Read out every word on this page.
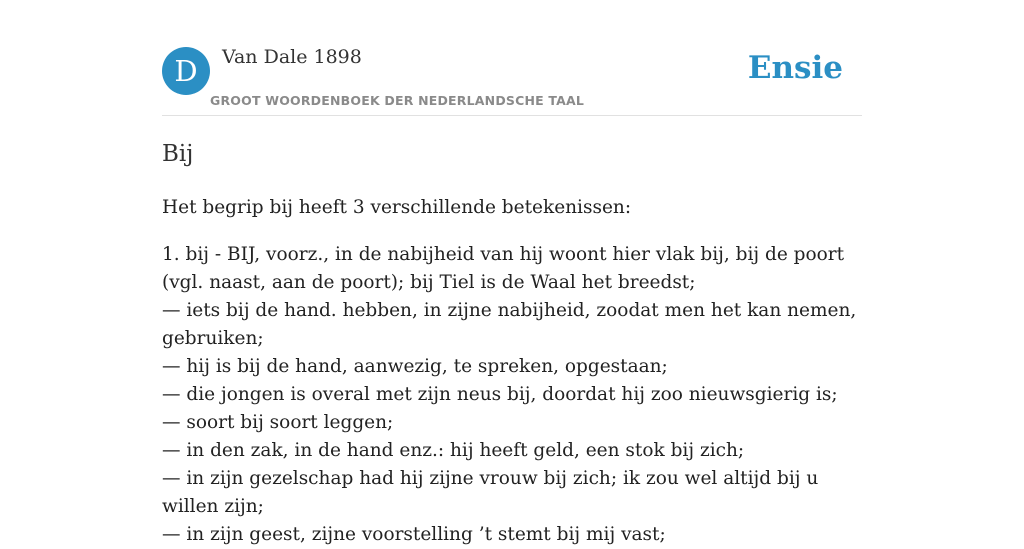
D	Van Dale 1898
GROOT WOORDENBOEK DER NEDERLANDSCHE TAAL
Ensie
Bij

Het begrip bij heeft 3 verschillende betekenissen:

1. bij - BIJ, voorz., in de nabijheid van hij woont hier vlak bij, bij de poort (vgl. naast, aan de poort); bij Tiel is de Waal het breedst;
— iets bij de hand. hebben, in zijne nabijheid, zoodat men het kan nemen, gebruiken;
— hij is bij de hand, aanwezig, te spreken, opgestaan;
— die jongen is overal met zijn neus bij, doordat hij zoo nieuwsgierig is;
— soort bij soort leggen;
— in den zak, in de hand enz.: hij heeft geld, een stok bij zich;
— in zijn gezelschap had hij zijne vrouw bij zich; ik zou wel altijd bij u willen zijn;
— in zijn geest, zijne voorstelling ’t stemt bij mij vast;
